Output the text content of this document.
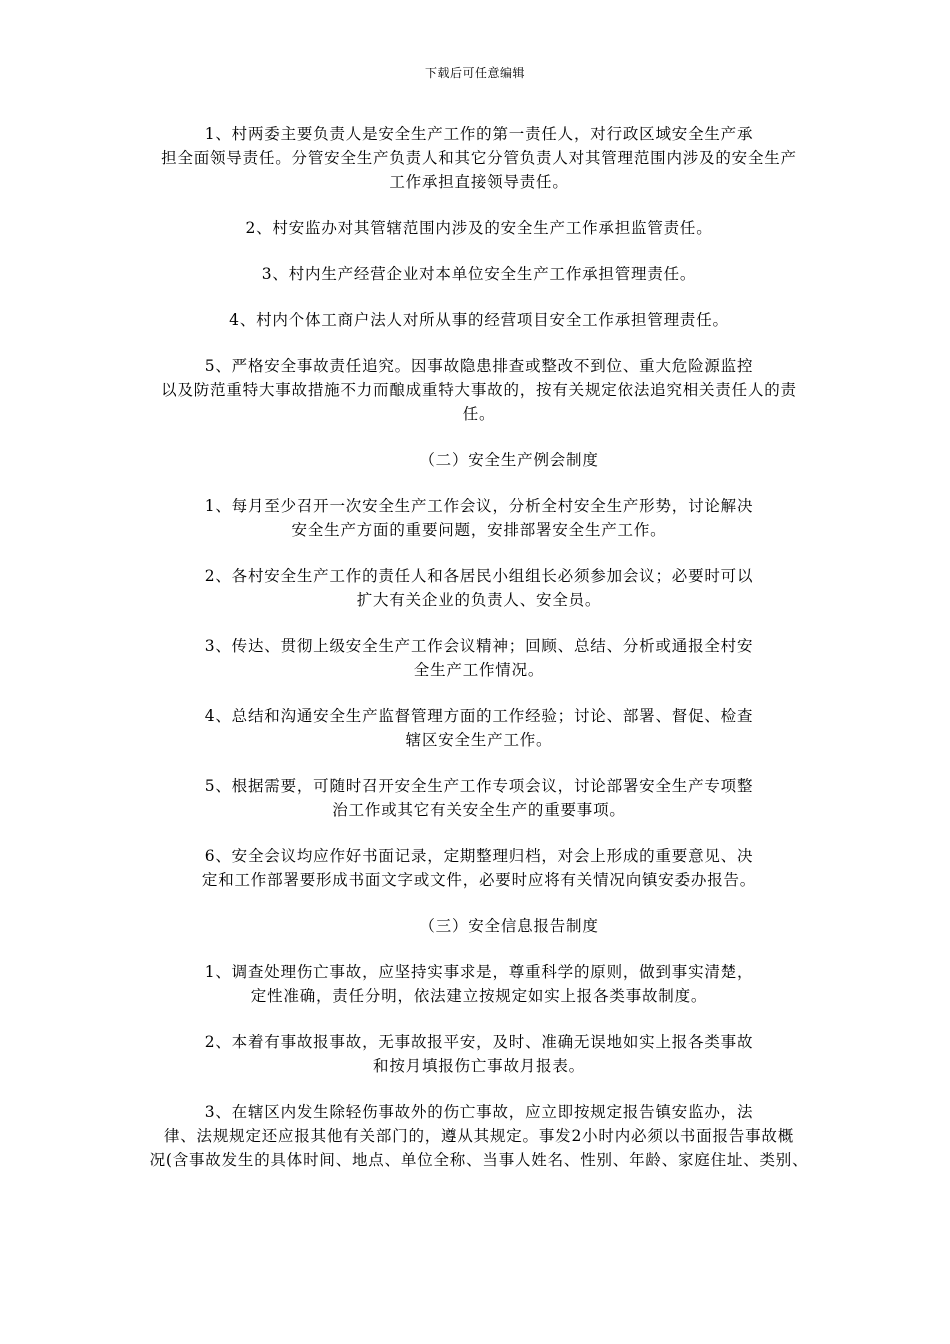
下载后可任意编辑
1、村两委主要负责人是安全生产工作的第一责任人，对行政区域安全生产承
担全面领导责任。分管安全生产负责人和其它分管负责人对其管理范围内涉及的安全生产
工作承担直接领导责任。
2、村安监办对其管辖范围内涉及的安全生产工作承担监管责任。
3、村内生产经营企业对本单位安全生产工作承担管理责任。
4、村内个体工商户法人对所从事的经营项目安全工作承担管理责任。
5、严格安全事故责任追究。因事故隐患排查或整改不到位、重大危险源监控
以及防范重特大事故措施不力而酿成重特大事故的，按有关规定依法追究相关责任人的责
任。
（二）安全生产例会制度
1、每月至少召开一次安全生产工作会议，分析全村安全生产形势，讨论解决
安全生产方面的重要问题，安排部署安全生产工作。
2、各村安全生产工作的责任人和各居民小组组长必须参加会议；必要时可以
扩大有关企业的负责人、安全员。
3、传达、贯彻上级安全生产工作会议精神；回顾、总结、分析或通报全村安
全生产工作情况。
4、总结和沟通安全生产监督管理方面的工作经验；讨论、部署、督促、检查
辖区安全生产工作。
5、根据需要，可随时召开安全生产工作专项会议，讨论部署安全生产专项整
治工作或其它有关安全生产的重要事项。
6、安全会议均应作好书面记录，定期整理归档，对会上形成的重要意见、决
定和工作部署要形成书面文字或文件，必要时应将有关情况向镇安委办报告。
（三）安全信息报告制度
1、调查处理伤亡事故，应坚持实事求是，尊重科学的原则，做到事实清楚，
定性准确，责任分明，依法建立按规定如实上报各类事故制度。
2、本着有事故报事故，无事故报平安，及时、准确无误地如实上报各类事故
和按月填报伤亡事故月报表。
3、在辖区内发生除轻伤事故外的伤亡事故，应立即按规定报告镇安监办，法
律、法规规定还应报其他有关部门的，遵从其规定。事发2小时内必须以书面报告事故概
况(含事故发生的具体时间、地点、单位全称、当事人姓名、性别、年龄、家庭住址、类别、
